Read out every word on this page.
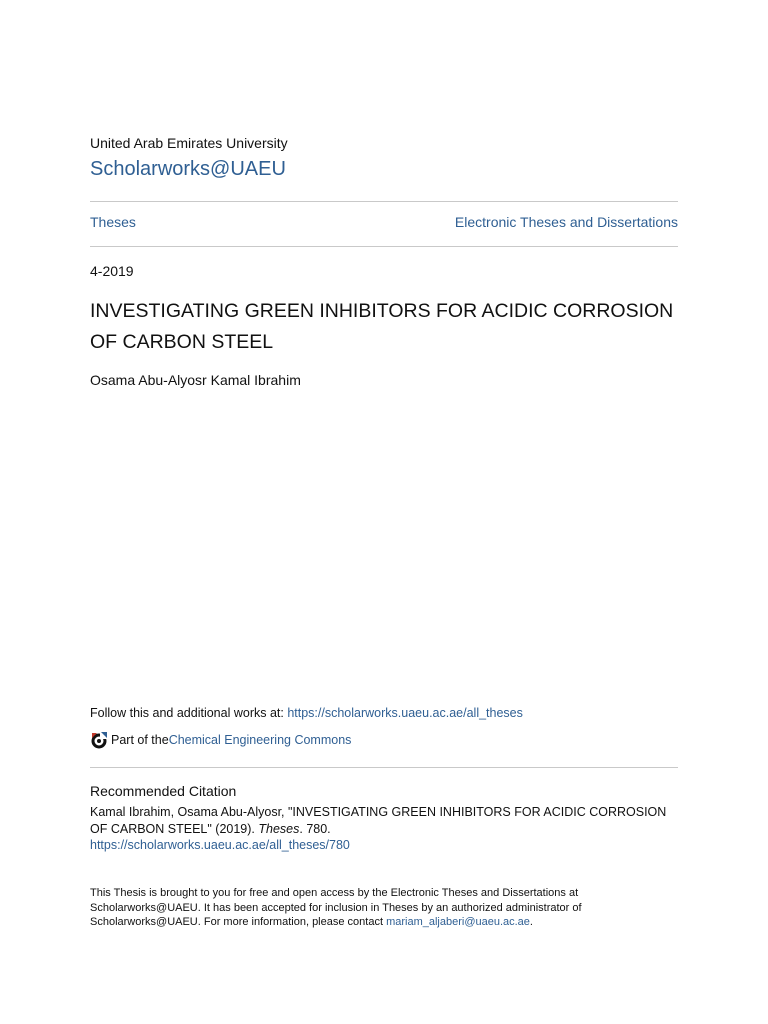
United Arab Emirates University
Scholarworks@UAEU
Theses	Electronic Theses and Dissertations
4-2019
INVESTIGATING GREEN INHIBITORS FOR ACIDIC CORROSION OF CARBON STEEL
Osama Abu-Alyosr Kamal Ibrahim
Follow this and additional works at: https://scholarworks.uaeu.ac.ae/all_theses
Part of the Chemical Engineering Commons
Recommended Citation
Kamal Ibrahim, Osama Abu-Alyosr, "INVESTIGATING GREEN INHIBITORS FOR ACIDIC CORROSION OF CARBON STEEL" (2019). Theses. 780.
https://scholarworks.uaeu.ac.ae/all_theses/780
This Thesis is brought to you for free and open access by the Electronic Theses and Dissertations at Scholarworks@UAEU. It has been accepted for inclusion in Theses by an authorized administrator of Scholarworks@UAEU. For more information, please contact mariam_aljaberi@uaeu.ac.ae.
